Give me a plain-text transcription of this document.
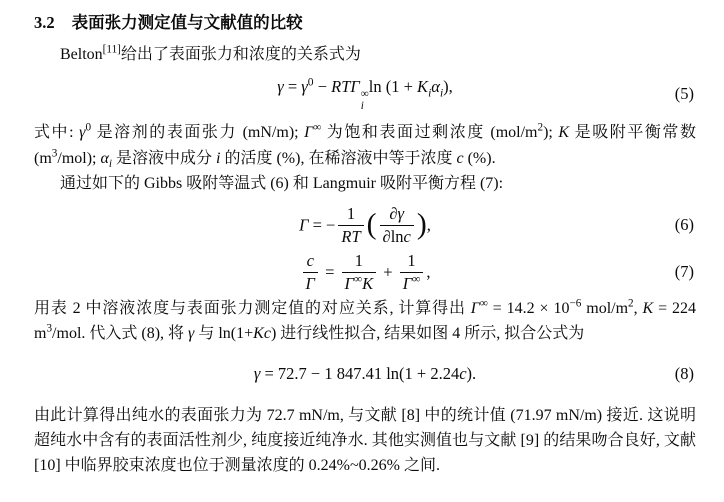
3.2 表面张力测定值与文献值的比较

Belton[11]给出了表面张力和浓度的关系式为

$\gamma = \gamma^0 - RT\Gamma$ ∞
i
$\ln (1 + K_i\alpha_i)$,	(5)

式中: $\gamma^0$ 是溶剂的表面张力 (mN/m); Γ∞ 为饱和表面过剩浓度 $(mol/m^2)$; K 是吸附平衡常数 $(m^3/mol)$; $\alpha_i$ 是溶液中成分 i 的活度 (%), 在稀溶液中等于浓度 c (%).

通过如下的 Gibbs 吸附等温式 (6) 和 Langmuir 吸附平衡方程 (7):

Γ = − $\frac{1}{RT}$ ( $\frac{\partial\gamma}{\partial\ln c}$ ),	(6)
$\frac{c}{\Gamma} = \frac{1}{\Gamma^\infty K} + \frac{1}{\Gamma^\infty}$ ,	(7)

用表 2 中溶液浓度与表面张力测定值的对应关系, 计算得出 $\Gamma^\infty = 14.2 \times 10^{-6}$ mol/$m^2$, K = 224 $m^3$/mol. 代入式 (8), 将 γ 与 ln(1+Kc) 进行线性拟合, 结果如图 4 所示, 拟合公式为

γ = 72.7 − 1 847.41 ln(1 + 2.24c).	(8)

由此计算得出纯水的表面张力为 72.7 mN/m, 与文献 [8] 中的统计值 (71.97 mN/m) 接近. 这说明超纯水中含有的表面活性剂少, 纯度接近纯净水. 其他实测值也与文献 [9] 的结果吻合良好, 文献 [10] 中临界胶束浓度也位于测量浓度的 0.24%~0.26% 之间.
